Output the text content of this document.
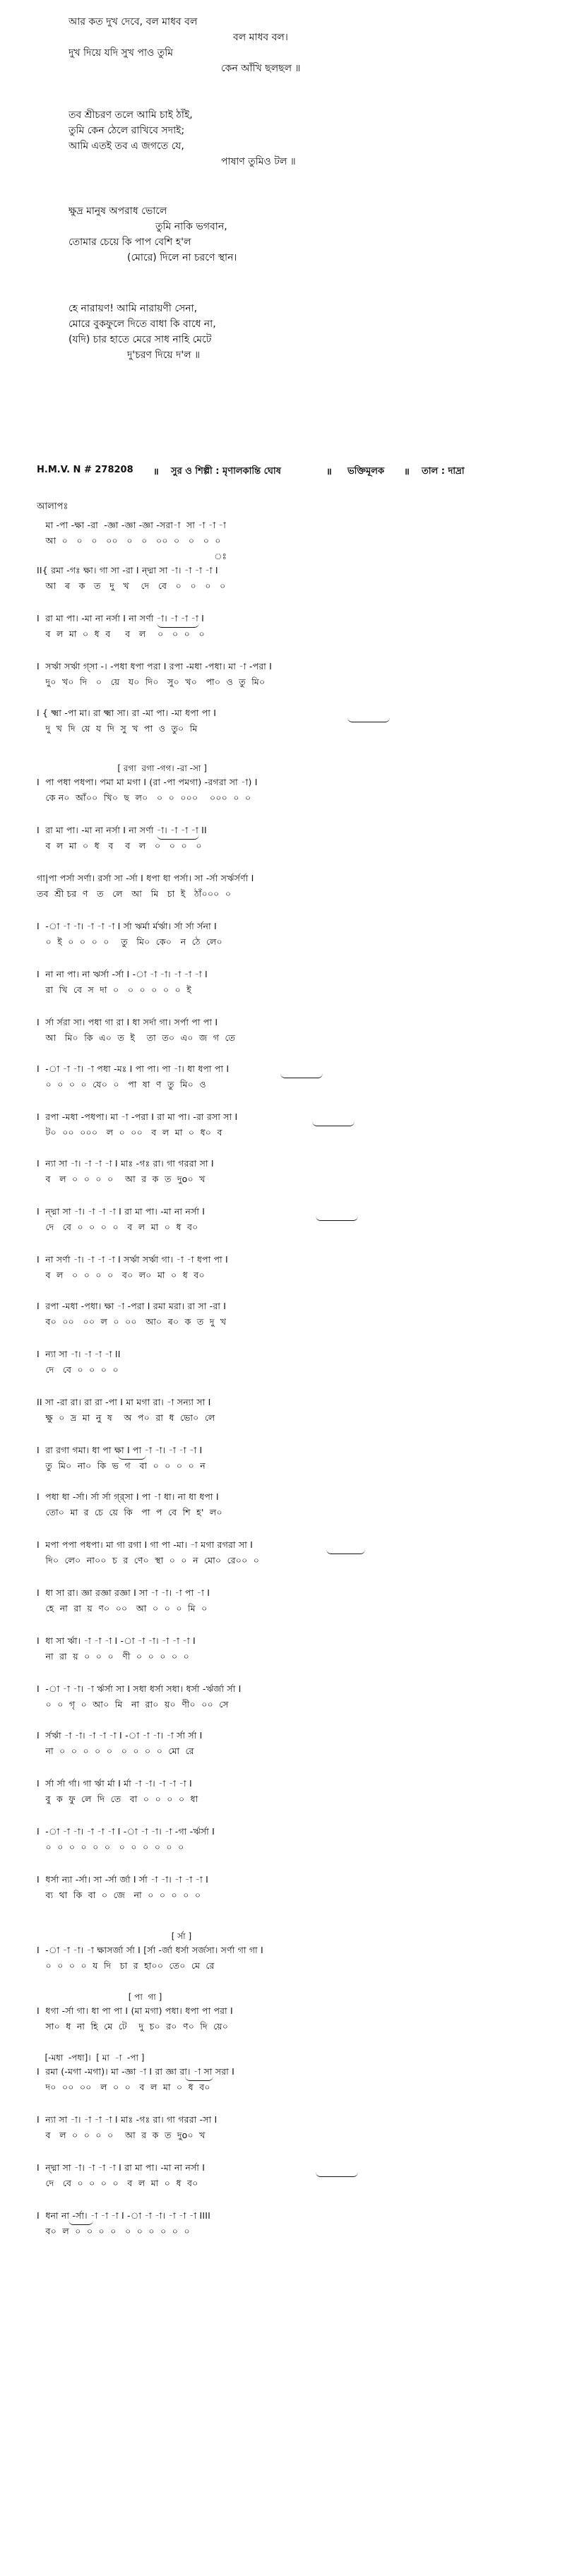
আর কত দুখ দেবে, বল মাধব বল
বল মাধব বল।
দুখ দিয়ে যদি সুখ পাও তুমি
কেন আঁখি ছলছল ॥
তব শ্রীচরণ তলে আমি চাই ঠাঁই,
তুমি কেন ঠেলে রাখিবে সদাই;
আমি এতই তব এ জগতে যে,
পাষাণ তুমিও টল ॥
ক্ষুদ্র মানুষ অপরাধ ভোলে
তুমি নাকি ভগবান,
তোমার চেয়ে কি পাপ বেশি হ'ল
(মোরে) দিলে না চরণে স্থান।
হে নারায়ণ! আমি নারায়ণী সেনা,
মোরে বুকফুলে দিতে বাধা কি বাধে না,
(যদি) চার হাতে মেরে সাধ নাহি মেটে
দু'চরণ দিয়ে দ'ল ॥
H.M.V. N # 278208 ॥ সুর ও শিল্পী : মৃণালকান্তি ঘোষ	॥ ভক্তিমূলক ॥ তাল : দাদ্রা
আলাপঃ
মা -পা -ক্ষা -রা  -জ্ঞা -জ্ঞা -জ্ঞা -সরা-া  সা -া -া -া
আ  ০   ০   ০   ০০   ০   ০   ০০  ০   ০   ০  ০
ঃ
II{ রমা -গঃ ক্ষা। গা সা -রা I ন্দ্মা সা -া। -া -া -া I
আ   ৰ   ক   ত   দু   খ    দে   বে   ০   ০   ০   ০
I  রা মা পা। -মা না নর্সা I না সর্ণা -া। -া -া -া I
ব  ল  মা  ০  ধ  ব     ব   ল    ০   ০  ০   ০
I  সর্ঋা সর্ঋা গ্সা -। -পধা ধপা পরা I রপা -মধা -পধা। মা -া -পরা I
দু০  খ০  দি   ০   য়ে   য০  দি০   সু০  খ০   পা০  ও  তু  মি০
I { ক্ষ্মা -পা মা। রা ক্ষ্মা সা। রা -মা পা। -মা ধপা পা I
দু  খ  দি  য়ে  য  দি  সু  খ  পা  ও  তু০  মি
[ রগা  রগা -গগ। -রা -সা ]
I  পা পধা পধপা। পমা মা মগা I (রা -পা পমগা) -রগরা সা -া) I
কে ন০  আঁ০০  খি০  ছ  ল০   ০  ০  ০০০    ০০০  ০  ০
I  রা মা পা। -মা না নর্সা I না সর্ণা -া। -া -া -া II
ব  ল  মা  ০  ধ   ব    ব   ল   ০   ০  ০   ০
গা|পা পর্সা সর্ণা। রর্সা সা -র্সা I ধপা ধা পর্সা। সা -র্সা সর্ঋর্সর্ণা I
তব  শ্রী চর  ণ   ত   লে   আ   মি   চা  ই   ঠাঁ০০০  ০
I  -া -া -া। -া -া -া I র্সা ঋর্মা র্মর্ঋা। র্সা র্সা র্সনা I
০  ই  ০  ০  ০  ০    তু   মি০  কে০   ন  ঠে  লে০
I  না না পা। না ঋর্সা -র্সা I -া -া -া। -া -া -া I
রা  খি  বে  স  দা  ০   ০  ০  ০  ০  ০  ই
I  র্সা র্সরা সা। পধা গা রা I ধা সর্দা গা। সর্পা পা পা I
আ   মি০  কি  এ০  ত  ই    তা  ত০  এ০  জ  গ  তে
I  -া -া -া। -া পধা -মঃ I পা পা। পা -া। ধা ধপা পা I
০  ০  ০  ০  যে০  ০   পা  ষা  ণ  তু  মি০  ও
I  রপা -মধা -পধপা। মা -া -পরা I রা মা পা। -রা রসা সা I
ট০  ০০  ০০০   ল  ০  ০০   ব  ল  মা  ০  ধ০  ব
I  ন্যা সা -া। -া -া -া I মাঃ -গঃ রা। গা গররা সা I
ব   ল  ০  ০  ০  ০    আ  র  ক  ত  দুo০  খ
I  ন্দ্মা সা -া। -া -া -া I রা মা পা। -মা না নর্সা I
দে   বে  ০  ০  ০  ০   ব  ল  মা  ০  ধ  ব০
I  না সর্ণা -া। -া -া -া I সর্ঋা সর্ঋা গা। -া -া ধপা পা I
ব  ল   ০  ০  ০  ০   ব০  ল০  মা  ০  ধ  ব০
I  রপা -মধা -পধা। ক্ষা -া -পরা I রমা মরা। রা সা -রা I
ব০  ০০   ০০  ল  ০  ০০   আ০  ৰ০  ক  ত  দু  খ
I  ন্যা সা -া। -া -া -া II
দে   বে  ০  ০  ০  ০
II সা -রা রা। রা রা -পা I মা মগা রা। -া সন্যা সা I
ক্ষু  ০  দ্র  মা  নু  ষ    অ  প০  রা  ধ  ভো০  লে
I  রা রগা গমা। ধা পা ক্ষা I পা -া -া। -া -া -া I
তু  মি০  না০  কি  ভ  গ   বা  ০  ০  ০  ০  ন
I  পধা ধা -র্সা। র্সা র্সা গ্র্সা I পা -া ধা। না ধা ধপা I
তো০  মা  র  চে  য়ে  কি   পা  প  বে  শি  হ'  ল০
I  মপা পপা পধপা। মা গা রগা I গা পা -মা। -া মগা রগরা সা I
দি০  লে০  না০০  চ  র  ণে০  স্থা  ০  ০  ন  মো০  রে০০  ০
I  ধা সা রা। জ্ঞা রজ্ঞা রজ্ঞা I সা -া -া। -া পা -া I
হে  না  রা  য়  ণ০  ০০   আ  ০  ০  ০  মি  ০
I  ধা সা র্ঋা। -া -া -া I -া -া -া। -া -া -া I
না  রা  য়  ০  ০  ০   ণী  ০  ০  ০  ০  ০
I  -া -া -া। -া র্ঋর্সা সা I সধা ধর্সা সধা। ধর্সা -র্ঋর্জা র্সা I
০  ০  গৃ  ০  আ০  মি   না  রা০  য়০  ণী০  ০০  সে
I  র্সর্ঋা -া -া। -া -া -া I -া -া -া। -া র্সা র্সা I
না  ০  ০  ০  ০  ০   ০  ০  ০  ০  মো  রে
I  র্সা র্সা র্গা। গা র্ঋা র্মা I র্মা -া -া। -া -া -া I
বু  ক  ফু  লে  দি  তে   বা  ০  ০  ০  ০  ধা
I  -া -া -া। -া -া -া I -া -া -া। -া -গা -র্ঋর্সা I
০  ০  ০  ০  ০  ০   ০  ০  ০  ০  ০  ০
I  ধর্সা ন্যা -র্সা। সা -র্সা র্জা I র্সা -া -া। -া -া -া I
ব্য  থা  কি  বা  ০  জে   না  ০  ০  ০  ০  ০
[ র্সা ]
I  -া -া -া। -া ক্ষাসর্জা র্সা I [র্সা -র্জা ধর্সা সর্জসা। সর্ণা গা গা I
০  ০  ০  ০  য  দি   চা  র  হা০০  তে০  মে  রে
[ পা  গা ]
I  ধগা -র্সা গা। ধা পা পা I (মা মগা) পধা। ধপা পা পরা I
সা০  ধ  না  হি  মে  টে    দু  চ০  র০  ণ০  দি  য়ে০
[-মধা  -পধা]।  [ মা  -া  -পা ]
I  রমা (-মগা -মগা)। মা -জ্ঞা -া I রা জ্ঞা রা। -া সা সরা I
দ০  ০০  ০০   ল  ০  ০   ব  ল  মা  ০  ধ  ব০
I  ন্যা সা -া। -া -া -া I মাঃ -গঃ রা। গা গররা -সা I
ব   ল  ০  ০  ০  ০    আ  র  ক  ত  দুo০  খ
I  ন্দ্মা সা -া। -া -া -া I রা মা পা। -মা না নর্সা I
দে   বে  ০  ০  ০  ০   ব  ল  মা  ০  ধ  ব০
I  ধনা না -র্সা। -া -া -া I -া -া -া। -া -া -া IIII
ব০  ল  ০  ০  ০  ০   ০  ০  ০  ০  ০  ০
